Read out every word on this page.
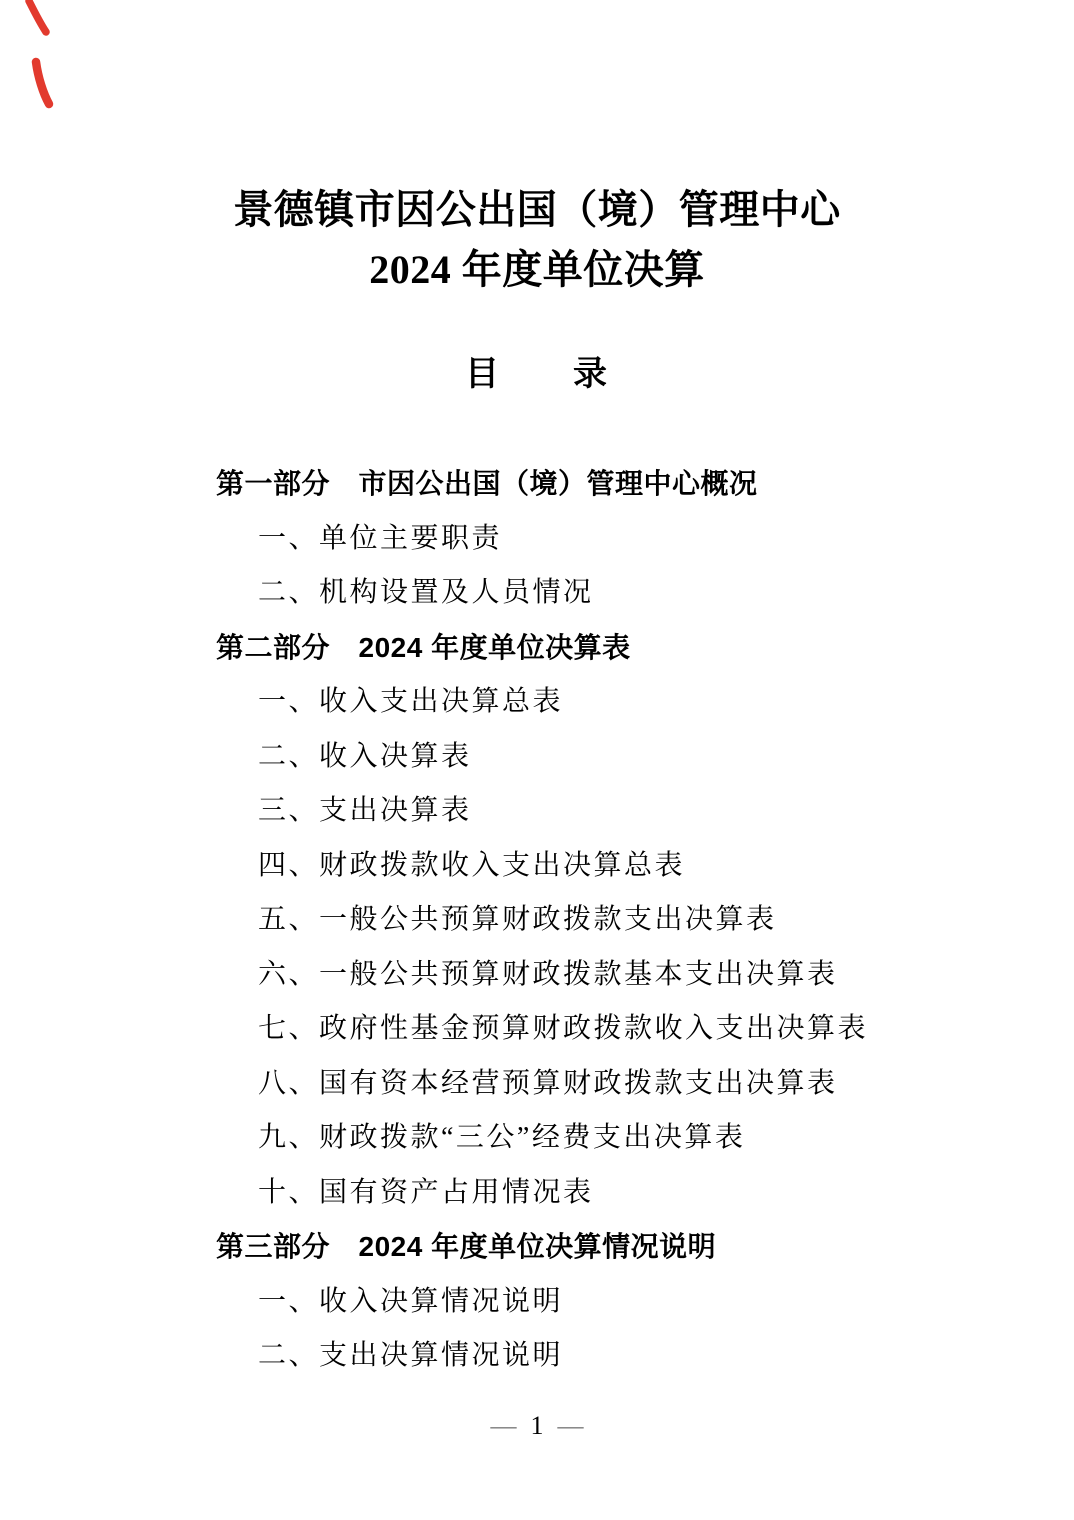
景德镇市因公出国（境）管理中心
2024 年度单位决算
目　　录
第一部分　市因公出国（境）管理中心概况
一、单位主要职责
二、机构设置及人员情况
第二部分　2024 年度单位决算表
一、收入支出决算总表
二、收入决算表
三、支出决算表
四、财政拨款收入支出决算总表
五、一般公共预算财政拨款支出决算表
六、一般公共预算财政拨款基本支出决算表
七、政府性基金预算财政拨款收入支出决算表
八、国有资本经营预算财政拨款支出决算表
九、财政拨款“三公”经费支出决算表
十、国有资产占用情况表
第三部分　2024 年度单位决算情况说明
一、收入决算情况说明
二、支出决算情况说明
— 1 —
